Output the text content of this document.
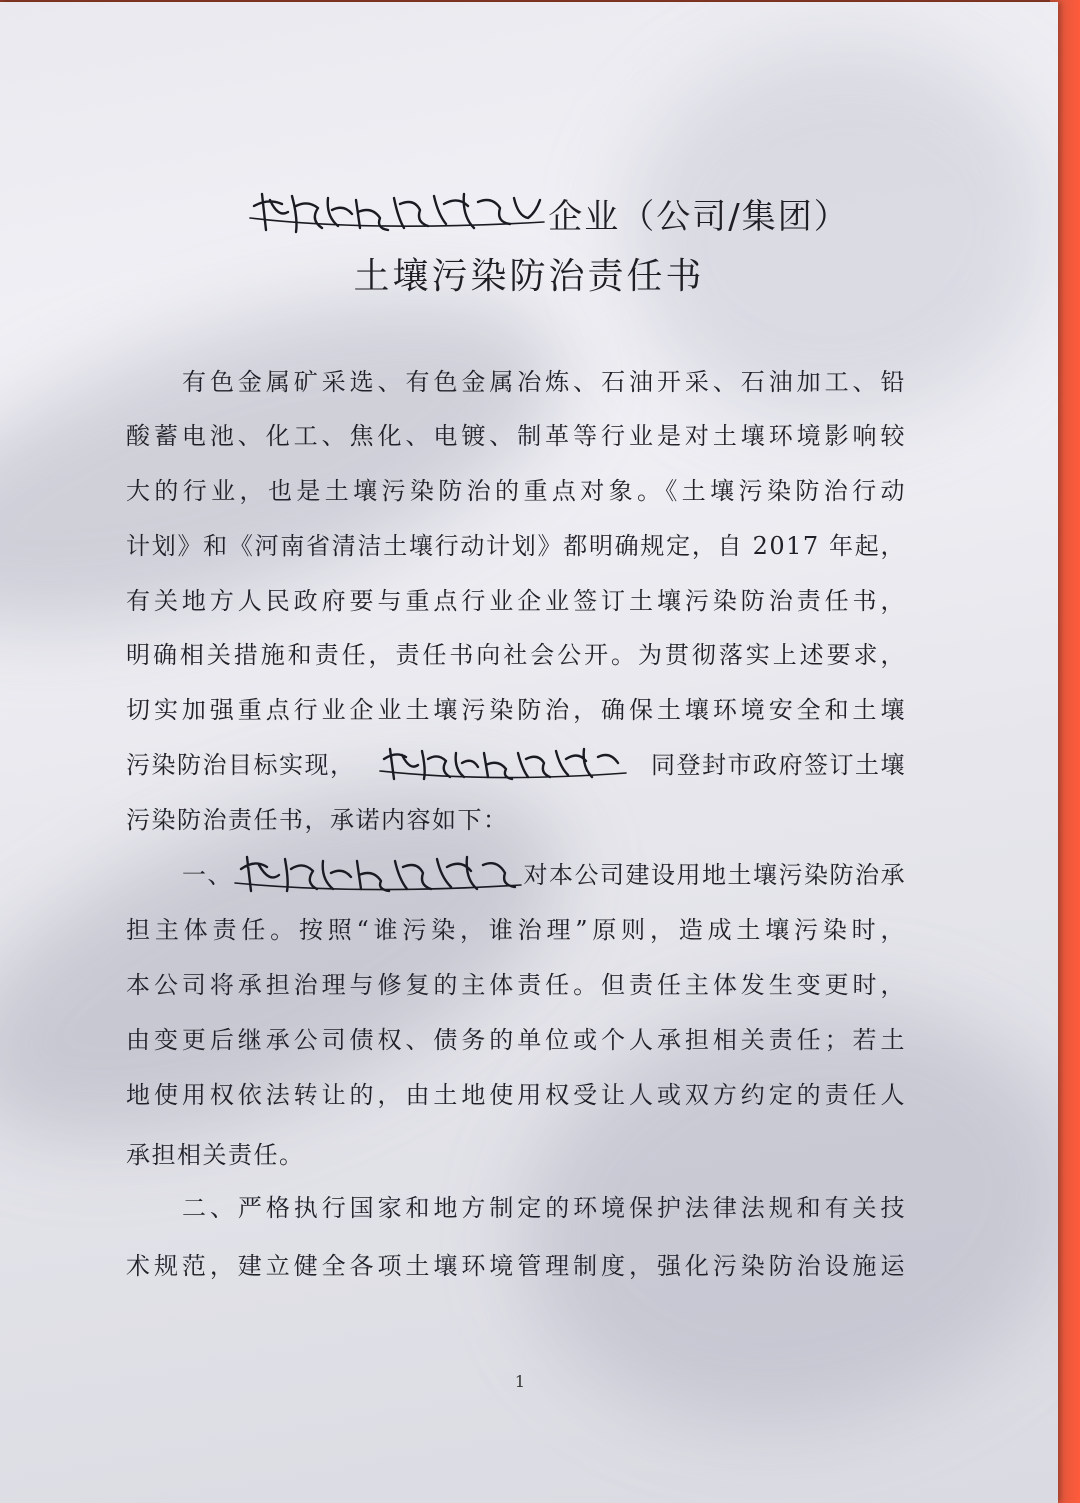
企业（公司/集团）
土壤污染防治责任书
有色金属矿采选、有色金属冶炼、石油开采、石油加工、铅
酸蓄电池、化工、焦化、电镀、制革等行业是对土壤环境影响较
大的行业，也是土壤污染防治的重点对象。《土壤污染防治行动
计划》和《河南省清洁土壤行动计划》都明确规定，自 2017 年起，
有关地方人民政府要与重点行业企业签订土壤污染防治责任书，
明确相关措施和责任，责任书向社会公开。为贯彻落实上述要求，
切实加强重点行业企业土壤污染防治，确保土壤环境安全和土壤
污染防治目标实现，	同登封市政府签订土壤
污染防治责任书，承诺内容如下：
一、	对本公司建设用地土壤污染防治承
担主体责任。按照“谁污染，谁治理”原则，造成土壤污染时，
本公司将承担治理与修复的主体责任。但责任主体发生变更时，
由变更后继承公司债权、债务的单位或个人承担相关责任；若土
地使用权依法转让的，由土地使用权受让人或双方约定的责任人
承担相关责任。
二、严格执行国家和地方制定的环境保护法律法规和有关技
术规范，建立健全各项土壤环境管理制度，强化污染防治设施运
1
